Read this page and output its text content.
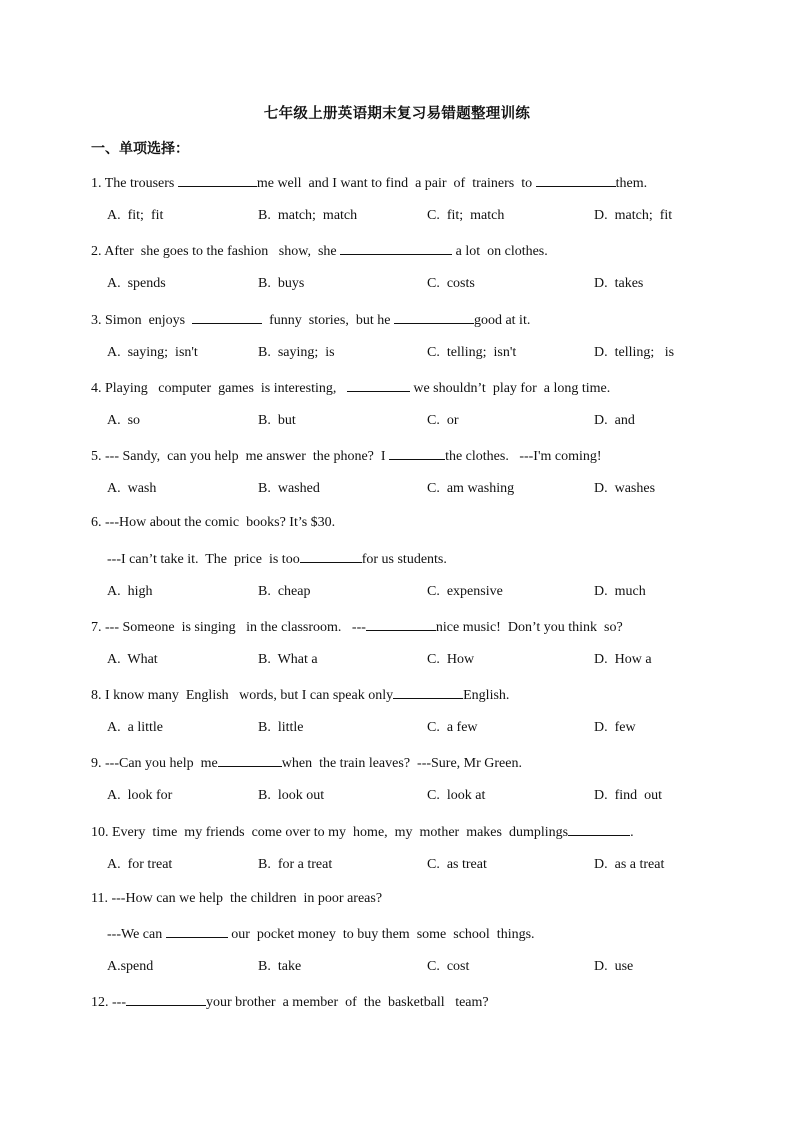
七年级上册英语期末复习易错题整理训练
一、单项选择：
1. The trousers	me well  and I want to find  a pair  of  trainers  to	them.
A.  fit;  fit	B.  match;  match	C.  fit;  match	D.  match;  fit
2. After  she goes to the fashion   show,  she	a lot  on clothes.
A.  spends	B.  buys	C.  costs	D.  takes
3. Simon  enjoys	funny  stories,  but he	good at it.
A.  saying;  isn't	B.  saying;  is	C.  telling;  isn't	D.  telling;   is
4. Playing   computer  games  is interesting,	we shouldn’t  play for  a long time.
A.  so	B.  but	C.  or	D.  and
5. --- Sandy,  can you help  me answer  the phone?  I	the clothes.   ---I'm coming!
A.  wash	B.  washed	C.  am washing	D.  washes
6. ---How about the comic  books? It’s $30.
---I can’t take it.  The  price  is too	for us students.
A.  high	B.  cheap	C.  expensive	D.  much
7. --- Someone  is singing   in the classroom.   ---	nice music!  Don’t you think  so?
A.  What	B.  What a	C.  How	D.  How a
8. I know many  English   words, but I can speak only	English.
A.  a little	B.  little	C.  a few	D.  few
9. ---Can you help  me	when  the train leaves?  ---Sure, Mr Green.
A.  look for	B.  look out	C.  look at	D.  find  out
10. Every  time  my friends  come over to my  home,  my  mother  makes  dumplings	.
A.  for treat	B.  for a treat	C.  as treat	D.  as a treat
11. ---How can we help  the children  in poor areas?
---We can	our  pocket money  to buy them  some  school  things.
A.spend	B.  take	C.  cost	D.  use
12. ---	your brother  a member  of  the  basketball   team?
